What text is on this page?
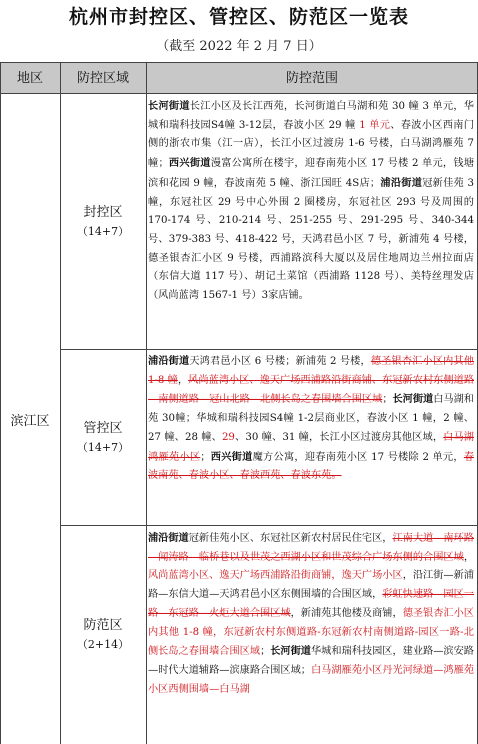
杭州市封控区、管控区、防范区一览表
（截至 2022 年 2 月 7 日）
地区	防控区域	防控范围
滨江区
封控区
（14+7）
管控区
（14+7）
防范区
（2+14）
长河街道长江小区及长江西苑，长河街道白马湖和苑 30 幢 3 单元，华城和瑞科技园S4幢 3-12层，春波小区 29 幢 1 单元、春波小区西南门侧的浙农市集（江一店），长江小区过渡房 1-6 号楼，白马湖鸿雁苑 7幢；西兴街道漫富公寓所在楼宇，迎春南苑小区 17 号楼 2 单元，钱塘滨和花园 9 幢，春波南苑 5 幢、浙江国旺 4S店；浦沿街道冠新佳苑 3幢，东冠社区 29 号中心外围 2 圈楼房，东冠社区 293 号及周围的 170-174 号、210-214 号、251-255 号、291-295 号、340-344 号、379-383 号、418-422 号，天鸿君邑小区 7 号，新浦苑 4 号楼，德圣银杏汇小区 9 号楼，西浦路滨科大厦以及居住地周边兰州拉面店（东信大道 117 号）、胡记土菜馆（西浦路 1128 号）、美特丝理发店（风尚蓝湾 1567-1 号）3家店铺。
浦沿街道天鸿君邑小区 6 号楼；新浦苑 2 号楼，德圣银杏汇小区内其他 1-8 幢，风尚蓝湾小区、逸天广场西浦路沿街商铺、东冠新农村东侧道路—南侧道路—冠山北路—北侧长岛之春围墙合围区域；长河街道白马湖和苑 30幢；华城和瑞科技园S4幢 1-2层商业区，春波小区 1 幢，2 幢、27 幢、28 幢、29、30 幢、31 幢，长江小区过渡房其他区域，白马湖鸿雁苑小区；西兴街道魔方公寓，迎春南苑小区 17 号楼除 2 单元，春波南苑、春波小区、春波西苑、春波东苑。
浦沿街道冠新佳苑小区、东冠社区新农村居民住宅区，江南大道—南环路—闻涛路—临桥巷以及世茂之西湖小区和世茂综合广场东侧的合围区域，风尚蓝湾小区、逸天广场西浦路沿街商铺，逸天广场小区，沿江街—新浦路—东信大道—天鸿君邑小区东侧围墙的合围区域，彩虹快速路—园区一路—东冠路—火炬大道合围区域，新浦苑其他楼及商铺，德圣银杏汇小区内其他 1-8 幢，东冠新农村东侧道路-东冠新农村南侧道路-园区一路-北侧长岛之春围墙合围区域；长河街道华城和瑞科技园区，建业路—滨安路—时代大道辅路—滨康路合围区域；白马湖雁苑小区丹光河绿道—鸿雁苑小区西侧围墙—白马湖
